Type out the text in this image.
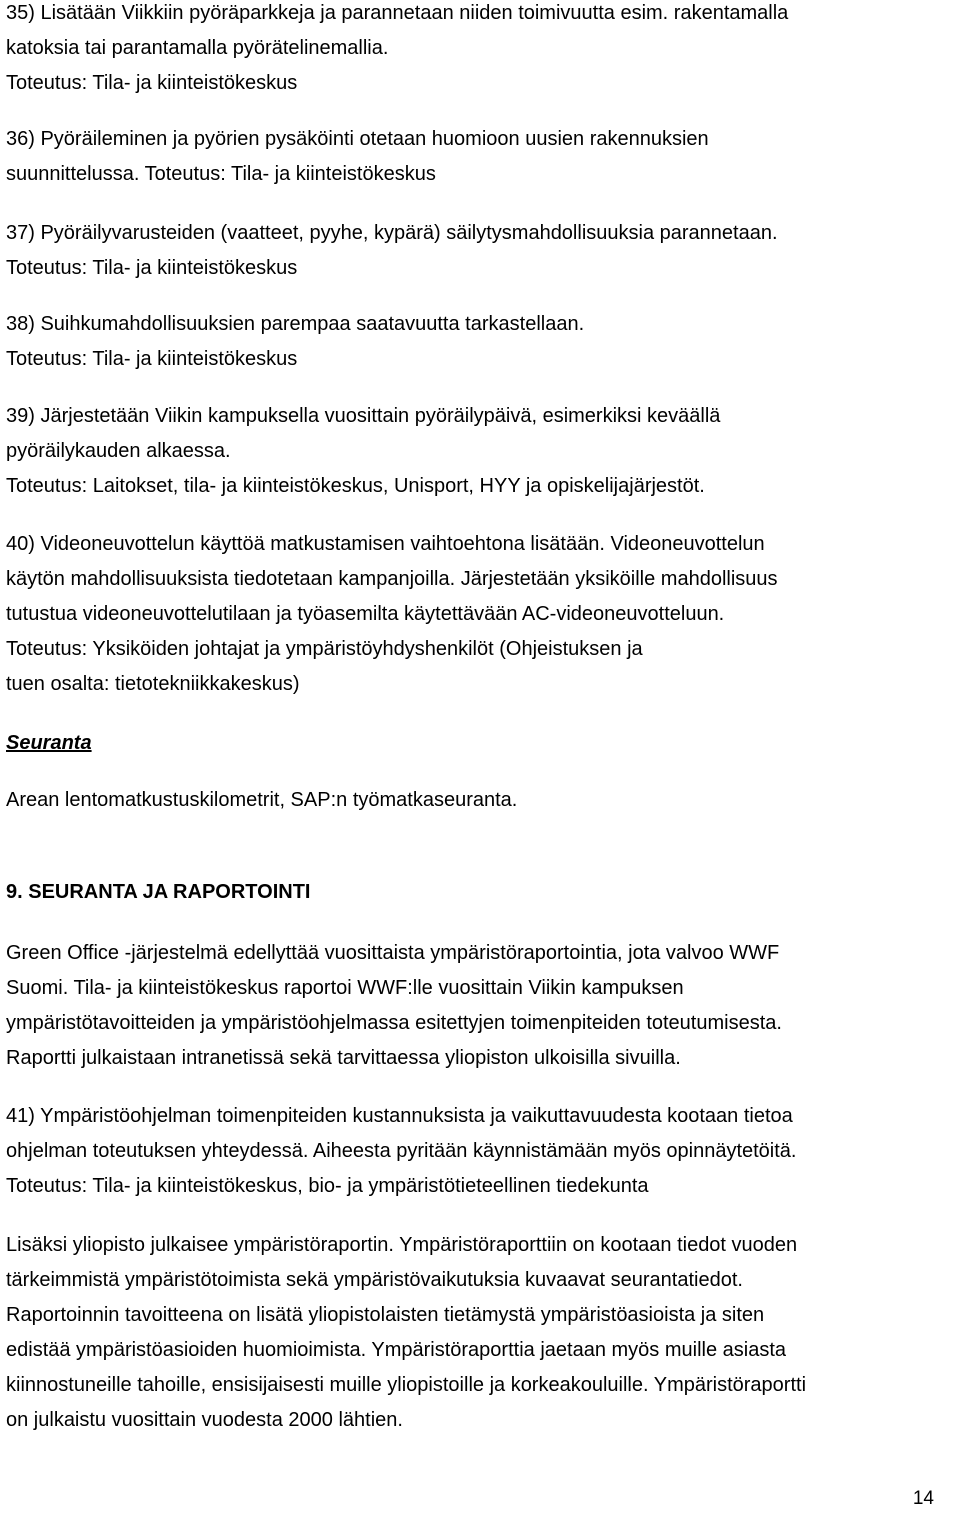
35) Lisätään Viikkiin pyöräparkkeja ja parannetaan niiden toimivuutta esim. rakentamalla
katoksia tai parantamalla pyörätelinemallia.
Toteutus: Tila- ja kiinteistökeskus
36) Pyöräileminen ja pyörien pysäköinti otetaan huomioon uusien rakennuksien
suunnittelussa. Toteutus: Tila- ja kiinteistökeskus
37) Pyöräilyvarusteiden (vaatteet, pyyhe, kypärä) säilytysmahdollisuuksia parannetaan.
Toteutus: Tila- ja kiinteistökeskus
38) Suihkumahdollisuuksien parempaa saatavuutta tarkastellaan.
Toteutus: Tila- ja kiinteistökeskus
39) Järjestetään Viikin kampuksella vuosittain pyöräilypäivä, esimerkiksi keväällä
pyöräilykauden alkaessa.
Toteutus: Laitokset, tila- ja kiinteistökeskus, Unisport, HYY ja opiskelijajärjestöt.
40) Videoneuvottelun käyttöä matkustamisen vaihtoehtona lisätään. Videoneuvottelun
käytön mahdollisuuksista tiedotetaan kampanjoilla. Järjestetään yksiköille mahdollisuus
tutustua videoneuvottelutilaan ja työasemilta käytettävään AC-videoneuvotteluun.
Toteutus: Yksiköiden johtajat ja ympäristöyhdyshenkilöt (Ohjeistuksen ja
tuen osalta: tietotekniikkakeskus)
Seuranta
Arean lentomatkustuskilometrit, SAP:n työmatkaseuranta.
9. SEURANTA JA RAPORTOINTI
Green Office -järjestelmä edellyttää vuosittaista ympäristöraportointia, jota valvoo WWF
Suomi. Tila- ja kiinteistökeskus raportoi WWF:lle vuosittain Viikin kampuksen
ympäristötavoitteiden ja ympäristöohjelmassa esitettyjen toimenpiteiden toteutumisesta.
Raportti julkaistaan intranetissä sekä tarvittaessa yliopiston ulkoisilla sivuilla.
41) Ympäristöohjelman toimenpiteiden kustannuksista ja vaikuttavuudesta kootaan tietoa
ohjelman toteutuksen yhteydessä. Aiheesta pyritään käynnistämään myös opinnäytetöitä.
Toteutus: Tila- ja kiinteistökeskus, bio- ja ympäristötieteellinen tiedekunta
Lisäksi yliopisto julkaisee ympäristöraportin. Ympäristöraporttiin on kootaan tiedot vuoden
tärkeimmistä ympäristötoimista sekä ympäristövaikutuksia kuvaavat seurantatiedot.
Raportoinnin tavoitteena on lisätä yliopistolaisten tietämystä ympäristöasioista ja siten
edistää ympäristöasioiden huomioimista. Ympäristöraporttia jaetaan myös muille asiasta
kiinnostuneille tahoille, ensisijaisesti muille yliopistoille ja korkeakouluille. Ympäristöraportti
on julkaistu vuosittain vuodesta 2000 lähtien.
14
